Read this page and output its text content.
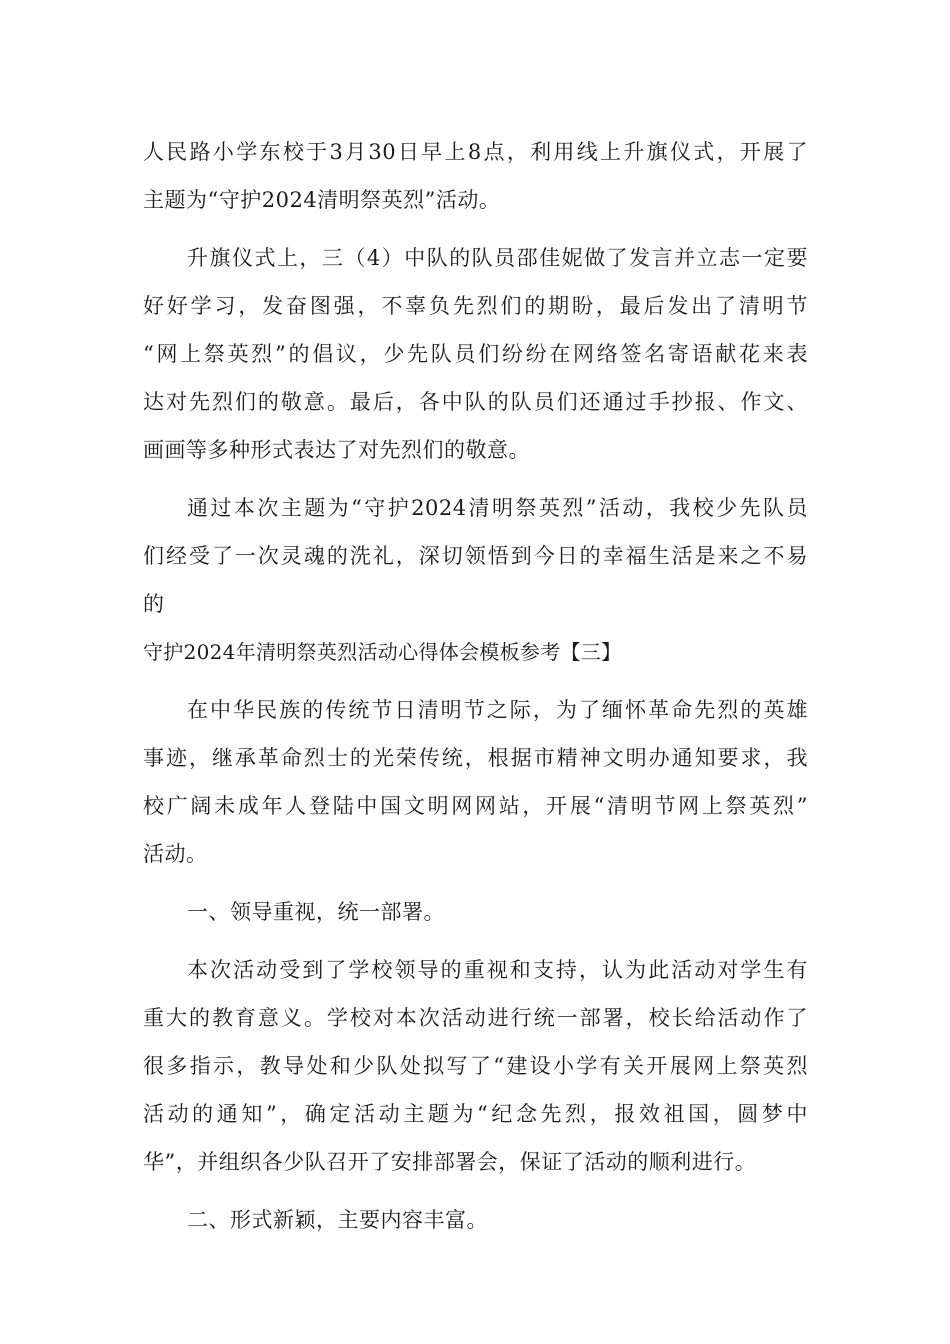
人民路小学东校于3月30日早上8点，利用线上升旗仪式，开展了
主题为“守护2024清明祭英烈”活动。
升旗仪式上，三（4）中队的队员邵佳妮做了发言并立志一定要
好好学习，发奋图强，不辜负先烈们的期盼，最后发出了清明节
“网上祭英烈”的倡议，少先队员们纷纷在网络签名寄语献花来表
达对先烈们的敬意。最后，各中队的队员们还通过手抄报、作文、
画画等多种形式表达了对先烈们的敬意。
通过本次主题为“守护2024清明祭英烈”活动，我校少先队员
们经受了一次灵魂的洗礼，深切领悟到今日的幸福生活是来之不易
的
守护2024年清明祭英烈活动心得体会模板参考【三】
在中华民族的传统节日清明节之际，为了缅怀革命先烈的英雄
事迹，继承革命烈士的光荣传统，根据市精神文明办通知要求，我
校广阔未成年人登陆中国文明网网站，开展“清明节网上祭英烈”
活动。
一、领导重视，统一部署。
本次活动受到了学校领导的重视和支持，认为此活动对学生有
重大的教育意义。学校对本次活动进行统一部署，校长给活动作了
很多指示，教导处和少队处拟写了“建设小学有关开展网上祭英烈
活动的通知”，确定活动主题为“纪念先烈，报效祖国，圆梦中
华”，并组织各少队召开了安排部署会，保证了活动的顺利进行。
二、形式新颖，主要内容丰富。
